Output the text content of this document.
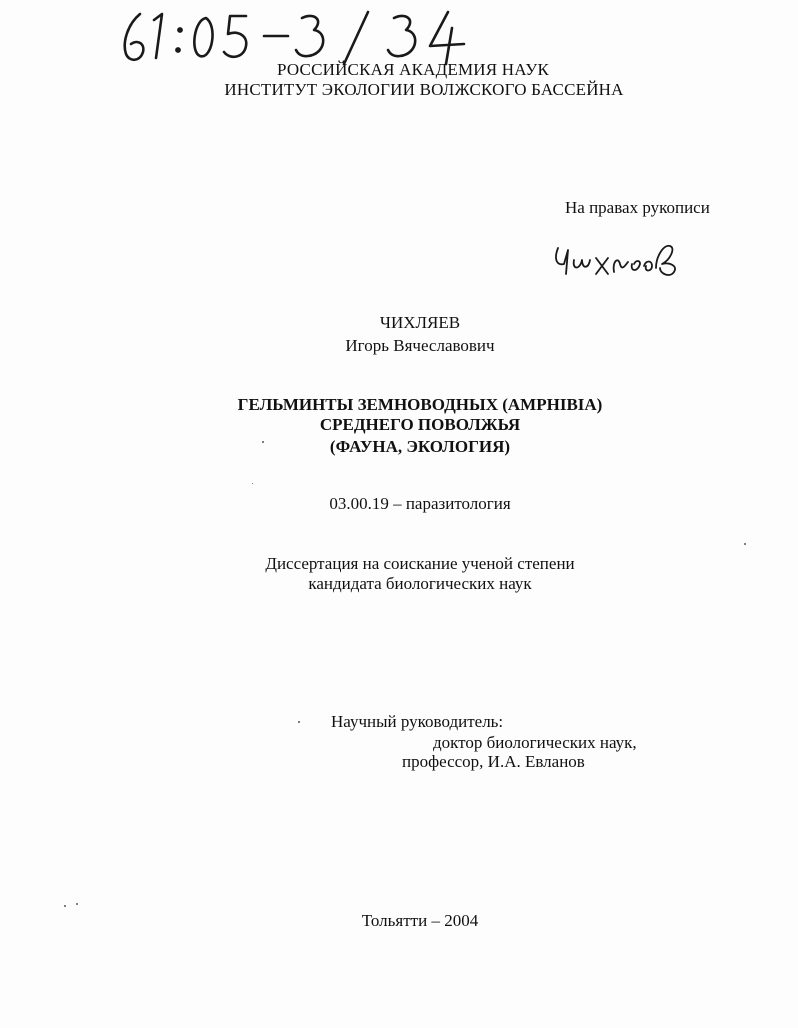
РОССИЙСКАЯ АКАДЕМИЯ НАУК
ИНСТИТУТ ЭКОЛОГИИ ВОЛЖСКОГО БАССЕЙНА
На правах рукописи
ЧИХЛЯЕВ
Игорь Вячеславович
ГЕЛЬМИНТЫ ЗЕМНОВОДНЫХ (AMPHIBIA)
СРЕДНЕГО ПОВОЛЖЬЯ
(ФАУНА, ЭКОЛОГИЯ)
03.00.19 – паразитология
Диссертация на соискание ученой степени
кандидата биологических наук
Научный руководитель:
доктор биологических наук,
профессор, И.А. Евланов
Тольятти – 2004
